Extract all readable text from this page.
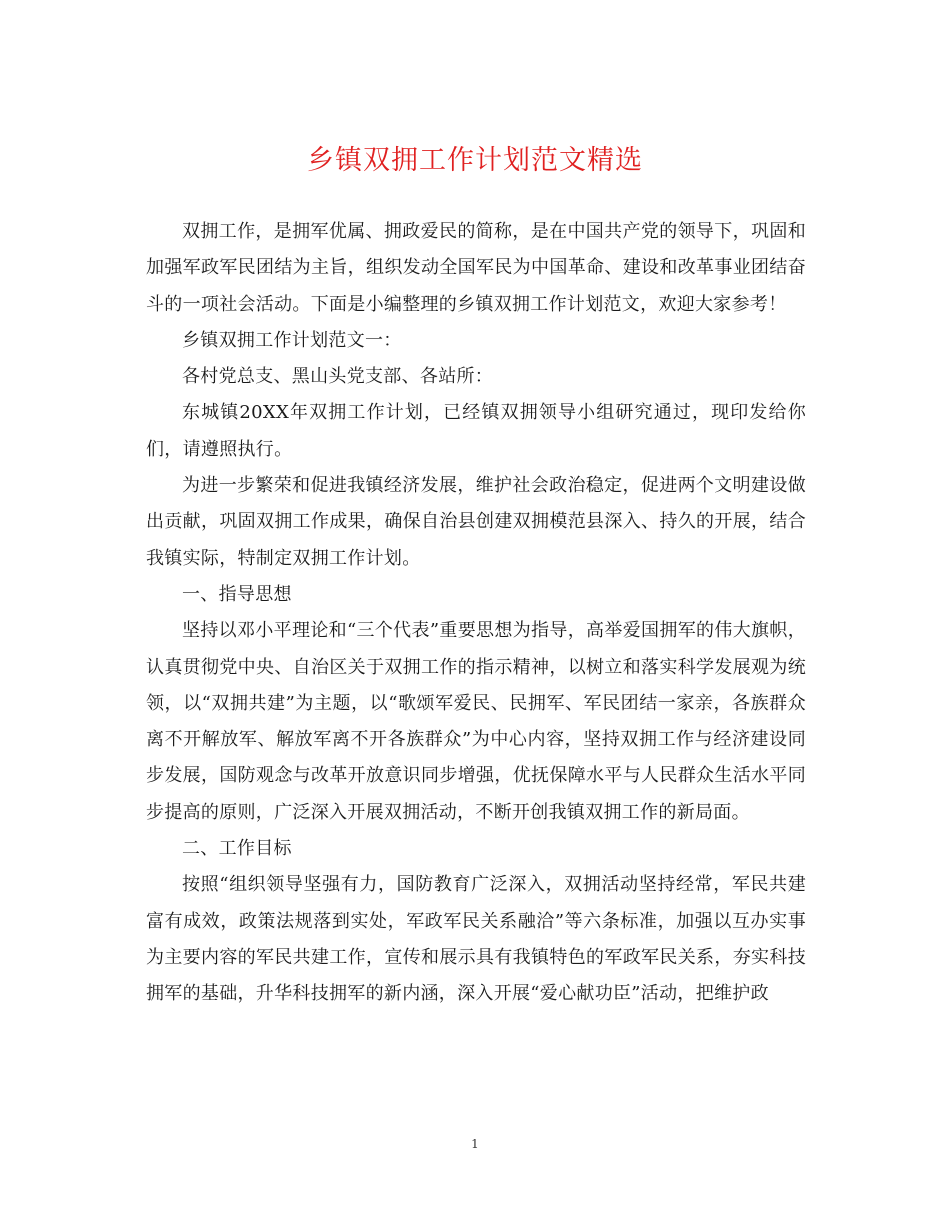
乡镇双拥工作计划范文精选

双拥工作，是拥军优属、拥政爱民的简称，是在中国共产党的领导下，巩固和加强军政军民团结为主旨，组织发动全国军民为中国革命、建设和改革事业团结奋斗的一项社会活动。下面是小编整理的乡镇双拥工作计划范文，欢迎大家参考！

乡镇双拥工作计划范文一：

各村党总支、黑山头党支部、各站所：

东城镇20XX年双拥工作计划，已经镇双拥领导小组研究通过，现印发给你们，请遵照执行。

为进一步繁荣和促进我镇经济发展，维护社会政治稳定，促进两个文明建设做出贡献，巩固双拥工作成果，确保自治县创建双拥模范县深入、持久的开展，结合我镇实际，特制定双拥工作计划。

一、指导思想

坚持以邓小平理论和“三个代表”重要思想为指导，高举爱国拥军的伟大旗帜，认真贯彻党中央、自治区关于双拥工作的指示精神，以树立和落实科学发展观为统领，以“双拥共建”为主题，以“歌颂军爱民、民拥军、军民团结一家亲，各族群众离不开解放军、解放军离不开各族群众”为中心内容，坚持双拥工作与经济建设同步发展，国防观念与改革开放意识同步增强，优抚保障水平与人民群众生活水平同步提高的原则，广泛深入开展双拥活动，不断开创我镇双拥工作的新局面。

二、工作目标

按照“组织领导坚强有力，国防教育广泛深入，双拥活动坚持经常，军民共建富有成效，政策法规落到实处，军政军民关系融洽”等六条标准，加强以互办实事为主要内容的军民共建工作，宣传和展示具有我镇特色的军政军民关系，夯实科技拥军的基础，升华科技拥军的新内涵，深入开展“爱心献功臣”活动，把维护政

1
